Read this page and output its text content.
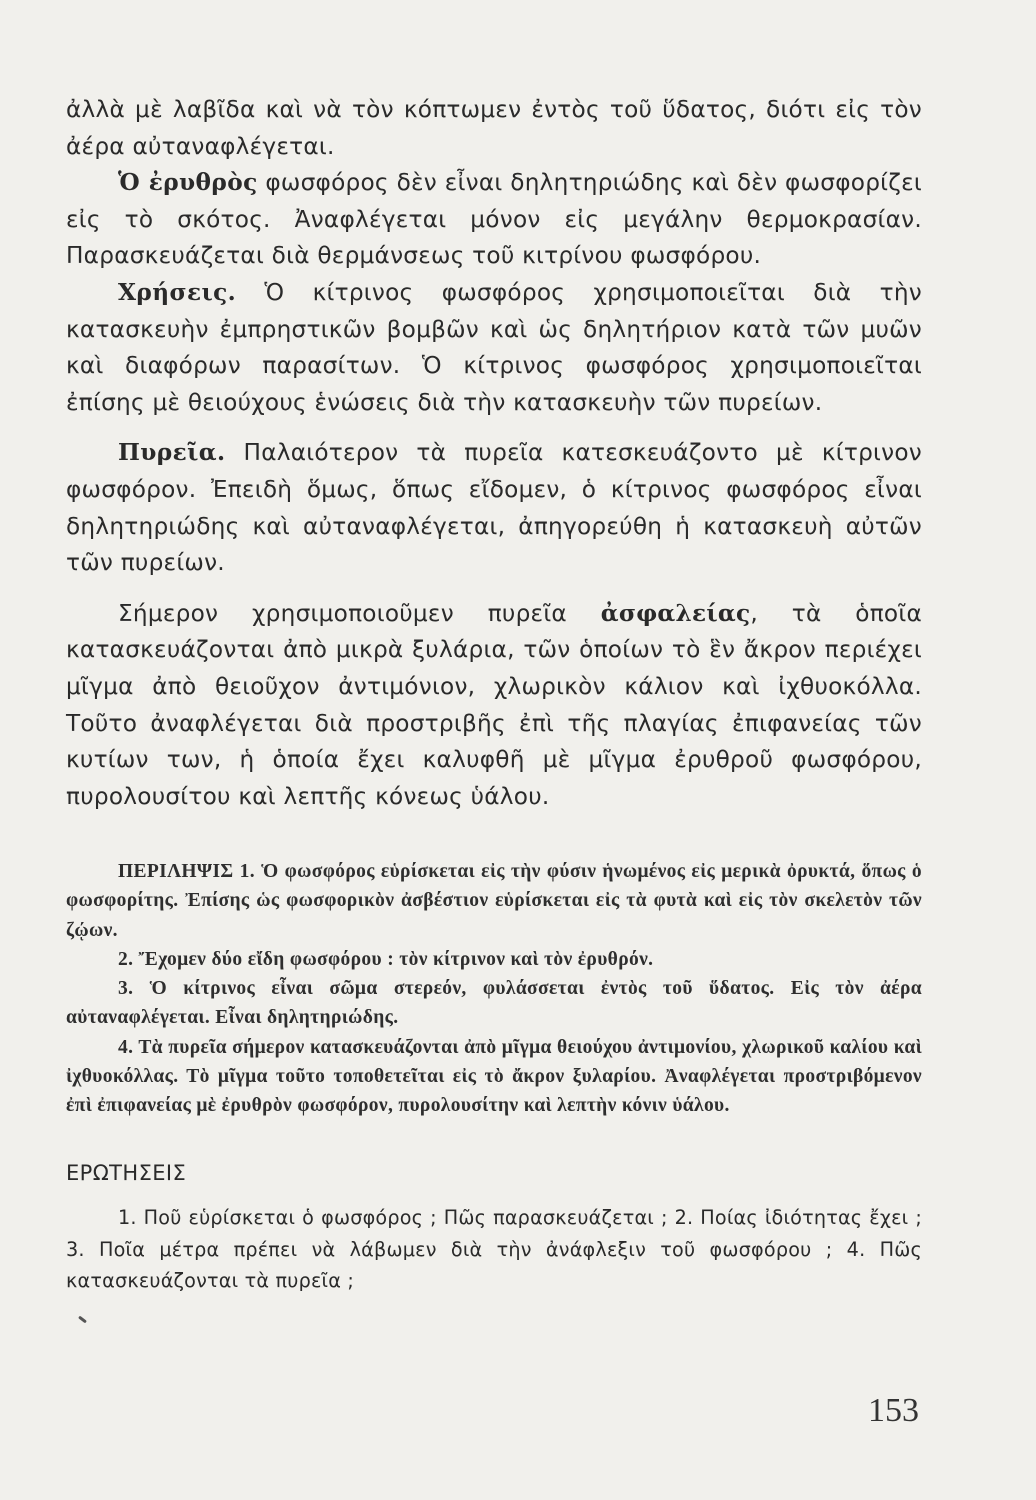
ἀλλὰ μὲ λαβῖδα καὶ νὰ τὸν κόπτωμεν ἐντὸς τοῦ ὕδατος, διότι εἰς τὸν ἀέρα αὐταναφλέγεται.

Ὁ ἐρυθρὸς φωσφόρος δὲν εἶναι δηλητηριώδης καὶ δὲν φωσφορίζει εἰς τὸ σκότος. Ἀναφλέγεται μόνον εἰς μεγάλην θερμοκρασίαν. Παρασκευάζεται διὰ θερμάνσεως τοῦ κιτρίνου φωσφόρου.

Χρήσεις. Ὁ κίτρινος φωσφόρος χρησιμοποιεῖται διὰ τὴν κατασκευὴν ἐμπρηστικῶν βομβῶν καὶ ὡς δηλητήριον κατὰ τῶν μυῶν καὶ διαφόρων παρασίτων. Ὁ κίτρινος φωσφόρος χρησιμοποιεῖται ἐπίσης μὲ θειούχους ἑνώσεις διὰ τὴν κατασκευὴν τῶν πυρείων.

Πυρεῖα. Παλαιότερον τὰ πυρεῖα κατεσκευάζοντο μὲ κίτρινον φωσφόρον. Ἐπειδὴ ὅμως, ὅπως εἴδομεν, ὁ κίτρινος φωσφόρος εἶναι δηλητηριώδης καὶ αὐταναφλέγεται, ἀπηγορεύθη ἡ κατασκευὴ αὐτῶν τῶν πυρείων.

Σήμερον χρησιμοποιοῦμεν πυρεῖα ἀσφαλείας, τὰ ὁποῖα κατασκευάζονται ἀπὸ μικρὰ ξυλάρια, τῶν ὁποίων τὸ ἓν ἄκρον περιέχει μῖγμα ἀπὸ θειοῦχον ἀντιμόνιον, χλωρικὸν κάλιον καὶ ἰχθυοκόλλα. Τοῦτο ἀναφλέγεται διὰ προστριβῆς ἐπὶ τῆς πλαγίας ἐπιφανείας τῶν κυτίων των, ἡ ὁποία ἔχει καλυφθῆ μὲ μῖγμα ἐρυθροῦ φωσφόρου, πυρολουσίτου καὶ λεπτῆς κόνεως ὑάλου.

ΠΕΡΙΛΗΨΙΣ 1. Ὁ φωσφόρος εὑρίσκεται εἰς τὴν φύσιν ἡνωμένος εἰς μερικὰ ὀρυκτά, ὅπως ὁ φωσφορίτης. Ἐπίσης ὡς φωσφορικὸν ἀσβέστιον εὑρίσκεται εἰς τὰ φυτὰ καὶ εἰς τὸν σκελετὸν τῶν ζῴων.

2. Ἔχομεν δύο εἴδη φωσφόρου : τὸν κίτρινον καὶ τὸν ἐρυθρόν.

3. Ὁ κίτρινος εἶναι σῶμα στερεόν, φυλάσσεται ἐντὸς τοῦ ὕδατος. Εἰς τὸν ἀέρα αὐταναφλέγεται. Εἶναι δηλητηριώδης.

4. Τὰ πυρεῖα σήμερον κατασκευάζονται ἀπὸ μῖγμα θειούχου ἀντιμονίου, χλωρικοῦ καλίου καὶ ἰχθυοκόλλας. Τὸ μῖγμα τοῦτο τοποθετεῖται εἰς τὸ ἄκρον ξυλαρίου. Ἀναφλέγεται προστριβόμενον ἐπὶ ἐπιφανείας μὲ ἐρυθρὸν φωσφόρον, πυρολουσίτην καὶ λεπτὴν κόνιν ὑάλου.

ΕΡΩΤΗΣΕΙΣ

1. Ποῦ εὑρίσκεται ὁ φωσφόρος ; Πῶς παρασκευάζεται ; 2. Ποίας ἰδιότητας ἔχει ; 3. Ποῖα μέτρα πρέπει νὰ λάβωμεν διὰ τὴν ἀνάφλεξιν τοῦ φωσφόρου ; 4. Πῶς κατασκευάζονται τὰ πυρεῖα ;

153
